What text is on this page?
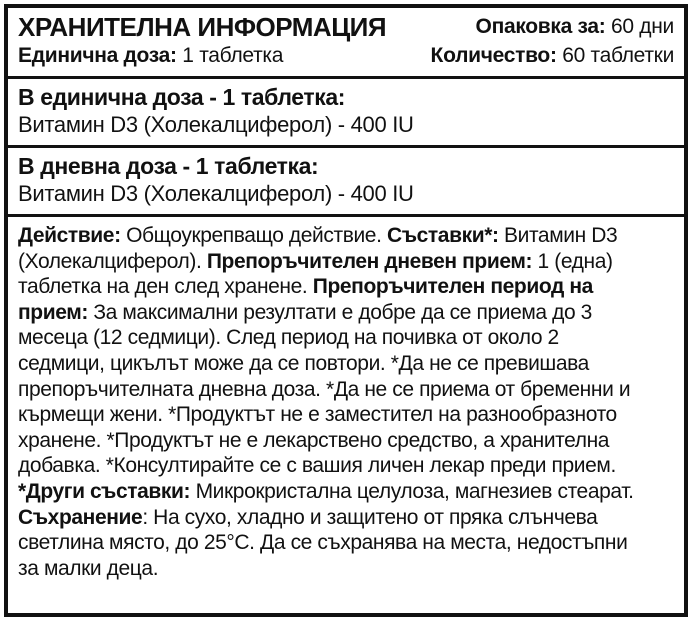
ХРАНИТЕЛНА ИНФОРМАЦИЯ
Единична доза: 1 таблетка
Опаковка за: 60 дни
Количество: 60 таблетки
В единична доза - 1 таблетка:
Витамин D3 (Холекалциферол) - 400 IU
В дневна доза - 1 таблетка:
Витамин D3 (Холекалциферол) - 400 IU

Действие: Общоукрепващо действие. Съставки*: Витамин D3

(Холекалциферол). Препоръчителен дневен прием: 1 (една)

таблетка на ден след хранене. Препоръчителен период на

прием: За максимални резултати е добре да се приема до 3

месеца (12 седмици). След период на почивка от около 2

седмици, цикълът може да се повтори. *Да не се превишава

препоръчителната дневна доза. *Да не се приема от бременни и

кърмещи жени. *Продуктът не е заместител на разнообразното

хранене. *Продуктът не е лекарствено средство, а хранителна

добавка. *Консултирайте се с вашия личен лекар преди прием.

*Други съставки: Микрокристална целулоза, магнезиев стеарат.

Съхранение: На сухо, хладно и защитено от пряка слънчева

светлина място, до 25°C. Да се съхранява на места, недостъпни

за малки деца.
